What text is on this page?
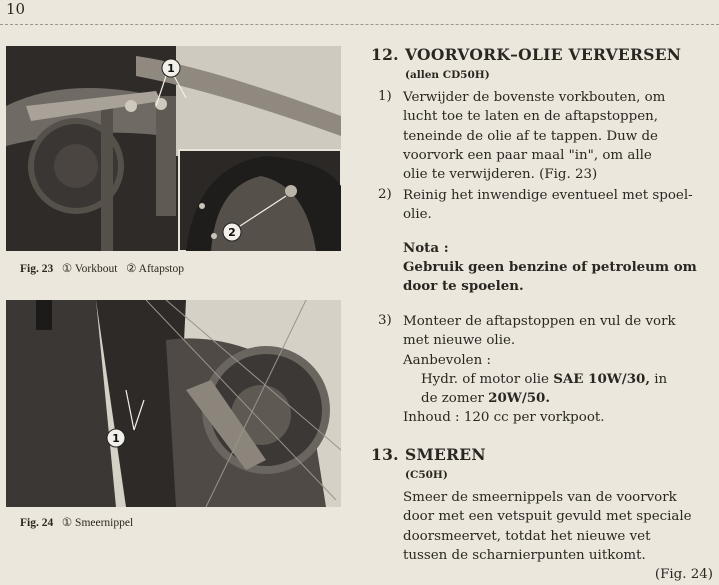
10
1
2
Fig. 23 ① Vorkbout ② Aftapstop
1
Fig. 24 ① Smeernippel
12. VOORVORK–OLIE VERVERSEN
(allen CD50H)
1) Verwijder de bovenste vorkbouten, om
lucht toe te laten en de aftapstoppen,
teneinde de olie af te tappen. Duw de
voorvork een paar maal "in", om alle
olie te verwijderen. (Fig. 23)
2) Reinig het inwendige eventueel met spoel-
olie.
Nota :
Gebruik geen benzine of petroleum om
door te spoelen.
3) Monteer de aftapstoppen en vul de vork
met nieuwe olie.
Aanbevolen :
Hydr. of motor olie SAE 10W/30, in
de zomer 20W/50.
Inhoud : 120 cc per vorkpoot.
13. SMEREN
(C50H)
Smeer de smeernippels van de voorvork
door met een vetspuit gevuld met speciale
doorsmeervet, totdat het nieuwe vet
tussen de scharnierpunten uitkomt.
(Fig. 24)
